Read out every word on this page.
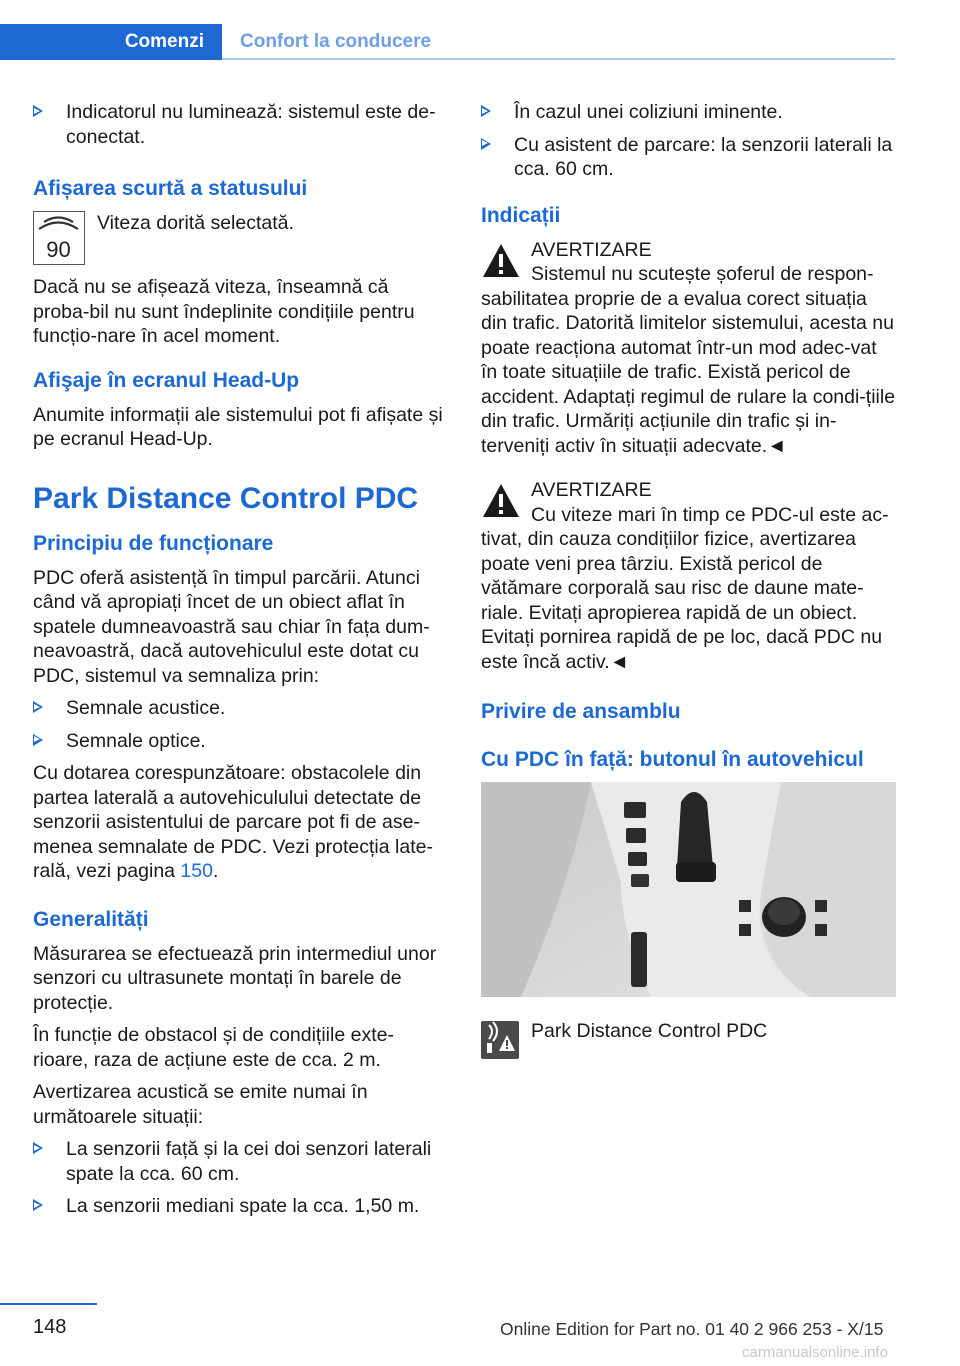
Comenzi Confort la conducere
Indicatorul nu luminează: sistemul este de-conectat.
Afișarea scurtă a statusului
90
Viteza dorită selectată.

Dacă nu se afișează viteza, înseamnă că proba-bil nu sunt îndeplinite condițiile pentru funcțio-nare în acel moment.

Afişaje în ecranul Head-Up

Anumite informații ale sistemului pot fi afișate și pe ecranul Head-Up.

Park Distance Control PDC
Principiu de funcționare

PDC oferă asistență în timpul parcării. Atunci când vă apropiați încet de un obiect aflat în spatele dumneavoastră sau chiar în fața dum-neavoastră, dacă autovehiculul este dotat cu PDC, sistemul va semnaliza prin:

Semnale acustice.
Semnale optice.

Cu dotarea corespunzătoare: obstacolele din partea laterală a autovehiculului detectate de senzorii asistentului de parcare pot fi de ase-menea semnalate de PDC. Vezi protecția late-rală, vezi pagina 150.

Generalități

Măsurarea se efectuează prin intermediul unor senzori cu ultrasunete montați în barele de protecție.

În funcție de obstacol și de condițiile exte-rioare, raza de acțiune este de cca. 2 m.

Avertizarea acustică se emite numai în următoarele situații:

La senzorii față și la cei doi senzori laterali spate la cca. 60 cm.
La senzorii mediani spate la cca. 1,50 m.
În cazul unei coliziuni iminente.
Cu asistent de parcare: la senzorii laterali la cca. 60 cm.
Indicații

AVERTIZARE

Sistemul nu scutește șoferul de respon-sabilitatea proprie de a evalua corect situația din trafic. Datorită limitelor sistemului, acesta nu poate reacționa automat într-un mod adec-vat în toate situațiile de trafic. Există pericol de accident. Adaptați regimul de rulare la condi-țiile din trafic. Urmăriți acțiunile din trafic și in-terveniți activ în situații adecvate.◄

AVERTIZARE

Cu viteze mari în timp ce PDC-ul este ac-tivat, din cauza condițiilor fizice, avertizarea poate veni prea târziu. Există pericol de vătămare corporală sau risc de daune mate-riale. Evitați apropierea rapidă de un obiect. Evitați pornirea rapidă de pe loc, dacă PDC nu este încă activ.◄

Privire de ansamblu
Cu PDC în față: butonul în autovehicul
Park Distance Control PDC
148	Online Edition for Part no. 01 40 2 966 253 - X/15
carmanualsonline.info
